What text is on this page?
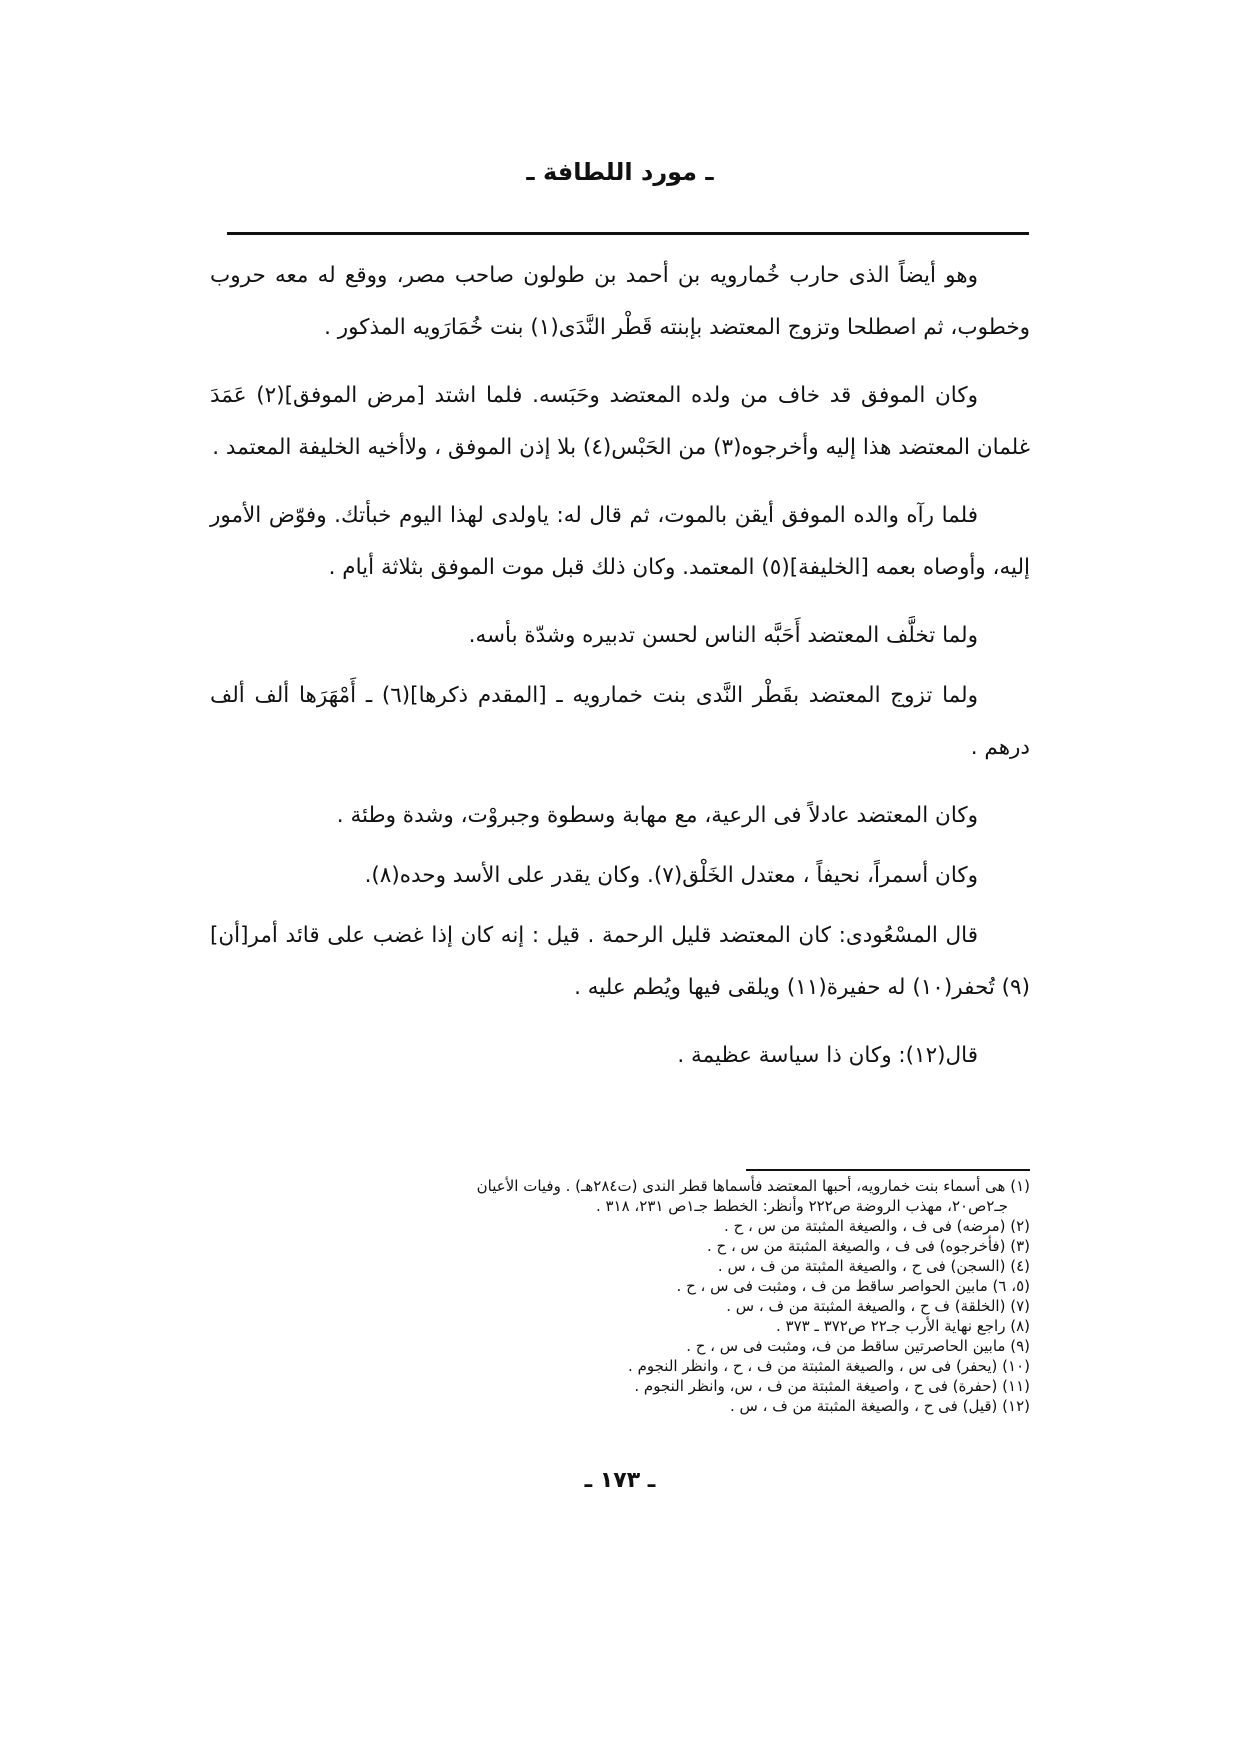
ـ مورد اللطافة ـ

وهو أيضاً الذى حارب خُمارويه بن أحمد بن طولون صاحب مصر، ووقع له معه حروب وخطوب، ثم اصطلحا وتزوج المعتضد بإبنته قَطْر النَّدَى(١) بنت خُمَارَويه المذكور .

وكان الموفق قد خاف من ولده المعتضد وحَبَسه. فلما اشتد [مرض الموفق](٢) عَمَدَ غلمان المعتضد هذا إليه وأخرجوه(٣) من الحَبْس(٤) بلا إذن الموفق ، ولاأخيه الخليفة المعتمد .

فلما رآه والده الموفق أيقن بالموت، ثم قال له: ياولدى لهذا اليوم خبأتك. وفوّض الأمور إليه، وأوصاه بعمه [الخليفة](٥) المعتمد. وكان ذلك قبل موت الموفق بثلاثة أيام .

ولما تخلَّف المعتضد أَحَبَّه الناس لحسن تدبيره وشدّة بأسه.

ولما تزوج المعتضد بقَطْر النَّدى بنت خمارويه ـ [المقدم ذكرها](٦) ـ أَمْهَرَها ألف ألف درهم .

وكان المعتضد عادلاً فى الرعية، مع مهابة وسطوة وجبروْت، وشدة وطئة .

وكان أسمراً، نحيفاً ، معتدل الخَلْق(٧). وكان يقدر على الأسد وحده(٨).

قال المسْعُودى: كان المعتضد قليل الرحمة . قيل : إنه كان إذا غضب على قائد أمر[أن](٩) تُحفر(١٠) له حفيرة(١١) ويلقى فيها ويُطم عليه .

قال(١٢): وكان ذا سياسة عظيمة .

(١) هى أسماء بنت خمارويه، أحبها المعتضد فأسماها قطر الندى (ت٢٨٤هـ) . وفيات الأعيان

جـ٢ص٢٠، مهذب الروضة ص٢٢٢ وأنظر: الخطط جـ١ص ٢٣١، ٣١٨ .

(٢) (مرضه) فى ف ، والصيغة المثبتة من س ، ح .

(٣) (فأخرجوه) فى ف ، والصيغة المثبتة من س ، ح .

(٤) (السجن) فى ح ، والصيغة المثبتة من ف ، س .

(٥، ٦) مابين الحواصر ساقط من ف ، ومثبت فى س ، ح .

(٧) (الخلقة) ف ح ، والصيغة المثبتة من ف ، س .

(٨) راجع نهاية الأرب جـ٢٢ ص٣٧٢ ـ ٣٧٣ .

(٩) مابين الحاصرتين ساقط من ف، ومثبت فى س ، ح .

(١٠) (يحفر) فى س ، والصيغة المثبتة من ف ، ح ، وانظر النجوم .

(١١) (حفرة) فى ح ، واصيغة المثبتة من ف ، س، وانظر النجوم .

(١٢) (قيل) فى ح ، والصيغة المثبتة من ف ، س .

ـ ١٧٣ ـ
